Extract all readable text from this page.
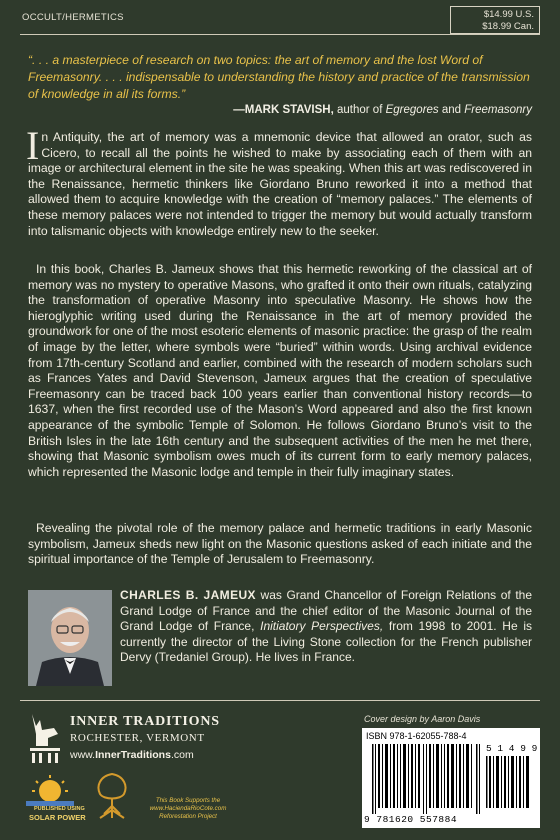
OCCULT/HERMETICS	$14.99 U.S.
$18.99 Can.
“. . . a masterpiece of research on two topics: the art of memory and the lost Word of Freemasonry. . . . indispensable to understanding the history and practice of the transmission of knowledge in all its forms.”
—MARK STAVISH, author of Egregores and Freemasonry
In Antiquity, the art of memory was a mnemonic device that allowed an orator, such as Cicero, to recall all the points he wished to make by associating each of them with an image or architectural element in the site he was speaking. When this art was rediscovered in the Renaissance, hermetic thinkers like Giordano Bruno reworked it into a method that allowed them to acquire knowledge with the creation of “memory palaces.” The elements of these memory palaces were not intended to trigger the memory but would actually transform into talismanic objects with knowledge entirely new to the seeker.
In this book, Charles B. Jameux shows that this hermetic reworking of the classical art of memory was no mystery to operative Masons, who grafted it onto their own rituals, catalyzing the transformation of operative Masonry into speculative Masonry. He shows how the hieroglyphic writing used during the Renaissance in the art of memory provided the groundwork for one of the most esoteric elements of masonic practice: the grasp of the realm of image by the letter, where symbols were “buried” within words. Using archival evidence from 17th-century Scotland and earlier, combined with the research of modern scholars such as Frances Yates and David Stevenson, Jameux argues that the creation of speculative Freemasonry can be traced back 100 years earlier than conventional history records—to 1637, when the first recorded use of the Mason’s Word appeared and also the first known appearance of the symbolic Temple of Solomon. He follows Giordano Bruno’s visit to the British Isles in the late 16th century and the subsequent activities of the men he met there, showing that Masonic symbolism owes much of its current form to early memory palaces, which represented the Masonic lodge and temple in their fully imaginary states.
Revealing the pivotal role of the memory palace and hermetic traditions in early Masonic symbolism, Jameux sheds new light on the Masonic questions asked of each initiate and the spiritual importance of the Temple of Jerusalem to Freemasonry.
CHARLES B. JAMEUX was Grand Chancellor of Foreign Relations of the Grand Lodge of France and the chief editor of the Masonic Journal of the Grand Lodge of France, Initiatory Perspectives, from 1998 to 2001. He is currently the director of the Living Stone collection for the French publisher Dervy (Tredaniel Group). He lives in France.
INNER TRADITIONS
ROCHESTER, VERMONT
www.InnerTraditions.com
Cover design by Aaron Davis
ISBN 978-1-62055-788-4
5 1 4 9 9
9 781620 557884
PUBLISHED USING
SOLAR POWER
This Book Supports the
www.HaciendaRioCote.com
Reforestation Project
